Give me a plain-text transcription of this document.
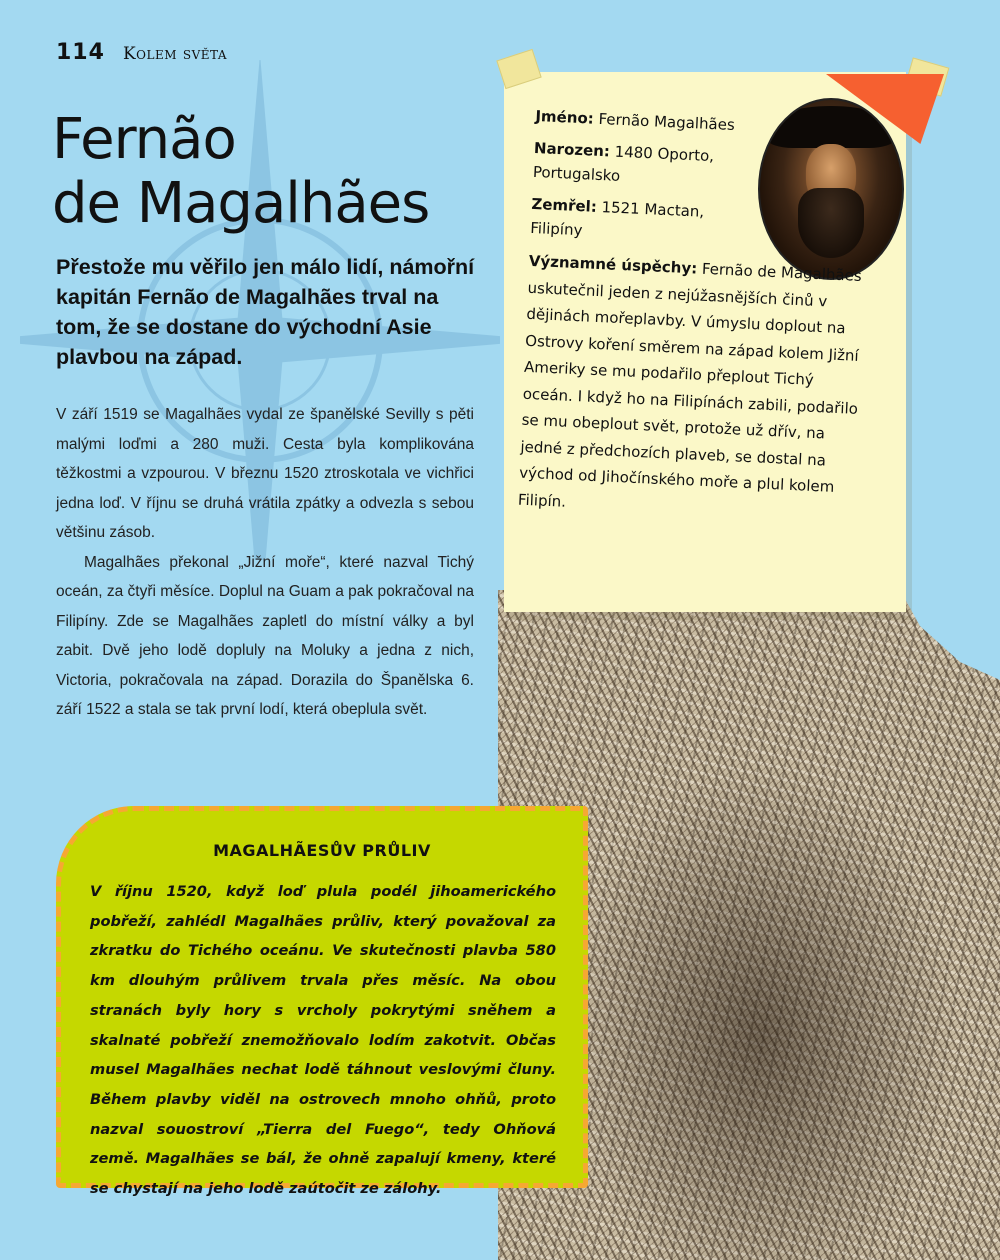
114 Kolem světa
Fernão
de Magalhães

Přestože mu věřilo jen málo lidí, námořní kapitán Fernão de Magalhães trval na tom, že se dostane do východní Asie plavbou na západ.

V září 1519 se Magalhães vydal ze španělské Sevilly s pěti malými loďmi a 280 muži. Cesta byla komplikována těžkostmi a vzpourou. V březnu 1520 ztroskotala ve vichřici jedna loď. V říjnu se druhá vrátila zpátky a odvezla s sebou většinu zásob.

Magalhães překonal „Jižní moře“, které nazval Tichý oceán, za čtyři měsíce. Doplul na Guam a pak pokračoval na Filipíny. Zde se Magalhães zapletl do místní války a byl zabit. Dvě jeho lodě dopluly na Moluky a jedna z nich, Victoria, pokračovala na západ. Dorazila do Španělska 6. září 1522 a stala se tak první lodí, která obeplula svět.

Jméno: Fernão Magalhães
Narozen: 1480 Oporto, Portugalsko
Zemřel: 1521 Mactan, Filipíny
Významné úspěchy: Fernão de Magalhães uskutečnil jeden z nejúžasnějších činů v dějinách mořeplavby. V úmyslu doplout na Ostrovy koření směrem na západ kolem Jižní Ameriky se mu podařilo přeplout Tichý oceán. I když ho na Filipínách zabili, podařilo se mu obeplout svět, protože už dřív, na jedné z předchozích plaveb, se dostal na východ od Jihočínského moře a plul kolem Filipín.
MAGALHÃESŮV PRŮLIV

V říjnu 1520, když loď plula podél jihoamerického pobřeží, zahlédl Magalhães průliv, který považoval za zkratku do Tichého oceánu. Ve skutečnosti plavba 580 km dlouhým průlivem trvala přes měsíc. Na obou stranách byly hory s vrcholy pokrytými sněhem a skalnaté pobřeží znemožňovalo lodím zakotvit. Občas musel Magalhães nechat lodě táhnout veslovými čluny. Během plavby viděl na ostrovech mnoho ohňů, proto nazval souostroví „Tierra del Fuego“, tedy Ohňová země. Magalhães se bál, že ohně zapalují kmeny, které se chystají na jeho lodě zaútočit ze zálohy.
